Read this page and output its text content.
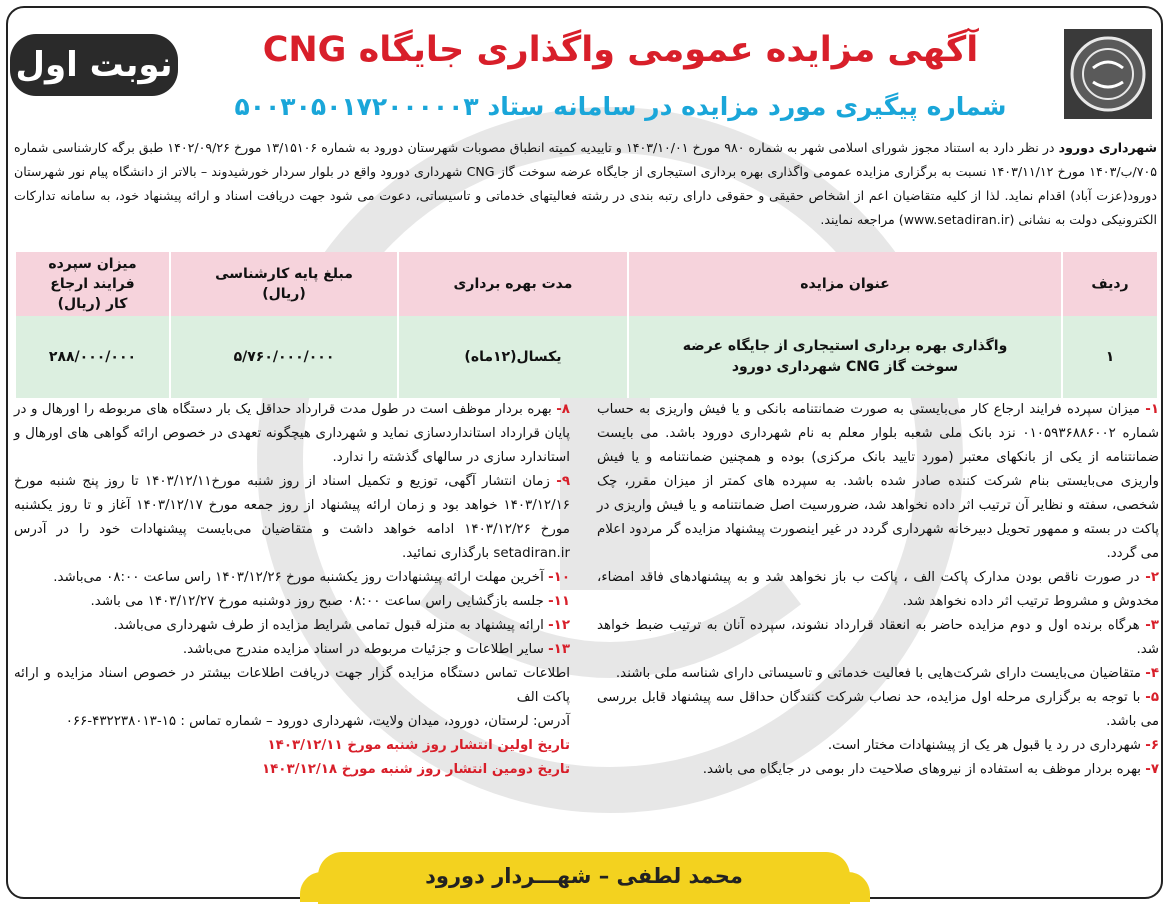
نوبت اول	آگهی مزایده عمومی واگذاری جایگاه CNG
شماره پیگیری مورد مزایده در سامانه ستاد ۵۰۰۳۰۵۰۱۷۲۰۰۰۰۰۳
شهرداری دورود در نظر دارد به استناد مجوز شورای اسلامی شهر به شماره ۹۸۰ مورخ ۱۴۰۳/۱۰/۰۱ و تاییدیه کمیته انطباق مصوبات شهرستان دورود به شماره ۱۳/۱۵۱۰۶ مورخ ۱۴۰۲/۰۹/۲۶ طبق برگه کارشناسی شماره ۷۰۵/ب/۱۴۰۳ مورخ ۱۴۰۳/۱۱/۱۲ نسبت به برگزاری مزایده عمومی واگذاری بهره برداری استیجاری از جایگاه عرضه سوخت گاز CNG شهرداری دورود واقع در بلوار سردار خورشیدوند – بالاتر از دانشگاه پیام نور شهرستان دورود(عزت آباد) اقدام نماید. لذا از کلیه متقاضیان اعم از اشخاص حقیقی و حقوقی دارای رتبه بندی در رشته فعالیتهای خدماتی و تاسیساتی، دعوت می شود جهت دریافت اسناد و ارائه پیشنهاد خود، به سامانه تدارکات الکترونیکی دولت به نشانی (www.setadiran.ir) مراجعه نمایند.
ردیف	عنوان مزایده	مدت بهره برداری	مبلغ پایه کارشناسی (ریال)	میزان سپرده فرایند ارجاع کار (ریال)
۱	واگذاری بهره برداری استیجاری از جایگاه عرضه سوخت گاز CNG شهرداری دورود	یکسال(۱۲ماه)	۵/۷۶۰/۰۰۰/۰۰۰	۲۸۸/۰۰۰/۰۰۰
۱- میزان سپرده فرایند ارجاع کار می‌بایستی به صورت ضمانتنامه بانکی و یا فیش واریزی به حساب شماره ۰۱۰۵۹۳۶۸۸۶۰۰۲ نزد بانک ملی شعبه بلوار معلم به نام شهرداری دورود باشد. می بایست ضمانتنامه از یکی از بانکهای معتبر (مورد تایید بانک مرکزی) بوده و همچنین ضمانتنامه و یا فیش واریزی می‌بایستی بنام شرکت کننده صادر شده باشد. به سپرده های کمتر از میزان مقرر، چک شخصی، سفته و نظایر آن ترتیب اثر داده نخواهد شد، ضرورسیت اصل ضمانتنامه و یا فیش واریزی در پاکت در بسته و ممهور تحویل دبیرخانه شهرداری گردد در غیر اینصورت پیشنهاد مزایده گر مردود اعلام می گردد.
۲- در صورت ناقص بودن مدارک پاکت الف ، پاکت ب باز نخواهد شد و به پیشنهادهای فاقد امضاء، مخدوش و مشروط ترتیب اثر داده نخواهد شد.
۳- هرگاه برنده اول و دوم مزایده حاضر به انعقاد قرارداد نشوند، سپرده آنان به ترتیب ضبط خواهد شد.
۴- متقاضیان می‌بایست دارای شرکت‌هایی با فعالیت خدماتی و تاسیساتی دارای شناسه ملی باشند.
۵- با توجه به برگزاری مرحله اول مزایده، حد نصاب شرکت کنندگان حداقل سه پیشنهاد قابل بررسی می باشد.
۶- شهرداری در رد یا قبول هر یک از پیشنهادات مختار است.
۷- بهره بردار موظف به استفاده از نیروهای صلاحیت دار بومی در جایگاه می باشد.
۸- بهره بردار موظف است در طول مدت قرارداد حداقل یک بار دستگاه های مربوطه را اورهال و در پایان قرارداد استانداردسازی نماید و شهرداری هیچگونه تعهدی در خصوص ارائه گواهی های اورهال و استاندارد سازی در سالهای گذشته را ندارد.
۹- زمان انتشار آگهی، توزیع و تکمیل اسناد از روز شنبه مورخ۱۴۰۳/۱۲/۱۱ تا روز پنج شنبه مورخ ۱۴۰۳/۱۲/۱۶ خواهد بود و زمان ارائه پیشنهاد از روز جمعه مورخ ۱۴۰۳/۱۲/۱۷ آغاز و تا روز یکشنبه مورخ ۱۴۰۳/۱۲/۲۶ ادامه خواهد داشت و متقاضیان می‌بایست پیشنهادات خود را در آدرس setadiran.ir بارگذاری نمائید.
۱۰- آخرین مهلت ارائه پیشنهادات روز یکشنبه مورخ ۱۴۰۳/۱۲/۲۶ راس ساعت ۰۸:۰۰ می‌باشد.
۱۱- جلسه بازگشایی راس ساعت ۰۸:۰۰ صبح روز دوشنبه مورخ ۱۴۰۳/۱۲/۲۷ می باشد.
۱۲- ارائه پیشنهاد به منزله قبول تمامی شرایط مزایده از طرف شهرداری می‌باشد.
۱۳- سایر اطلاعات و جزئیات مربوطه در اسناد مزایده مندرج می‌باشد.
اطلاعات تماس دستگاه مزایده گزار جهت دریافت اطلاعات بیشتر در خصوص اسناد مزایده و ارائه پاکت الف
آدرس: لرستان، دورود، میدان ولایت، شهرداری دورود – شماره تماس : ۱۵-۴۳۲۲۳۸۰۱۳-۰۶۶
تاریخ اولین انتشار روز شنبه مورخ ۱۴۰۳/۱۲/۱۱
تاریخ دومین انتشار روز شنبه مورخ ۱۴۰۳/۱۲/۱۸
محمد لطفی – شهـــردار دورود
